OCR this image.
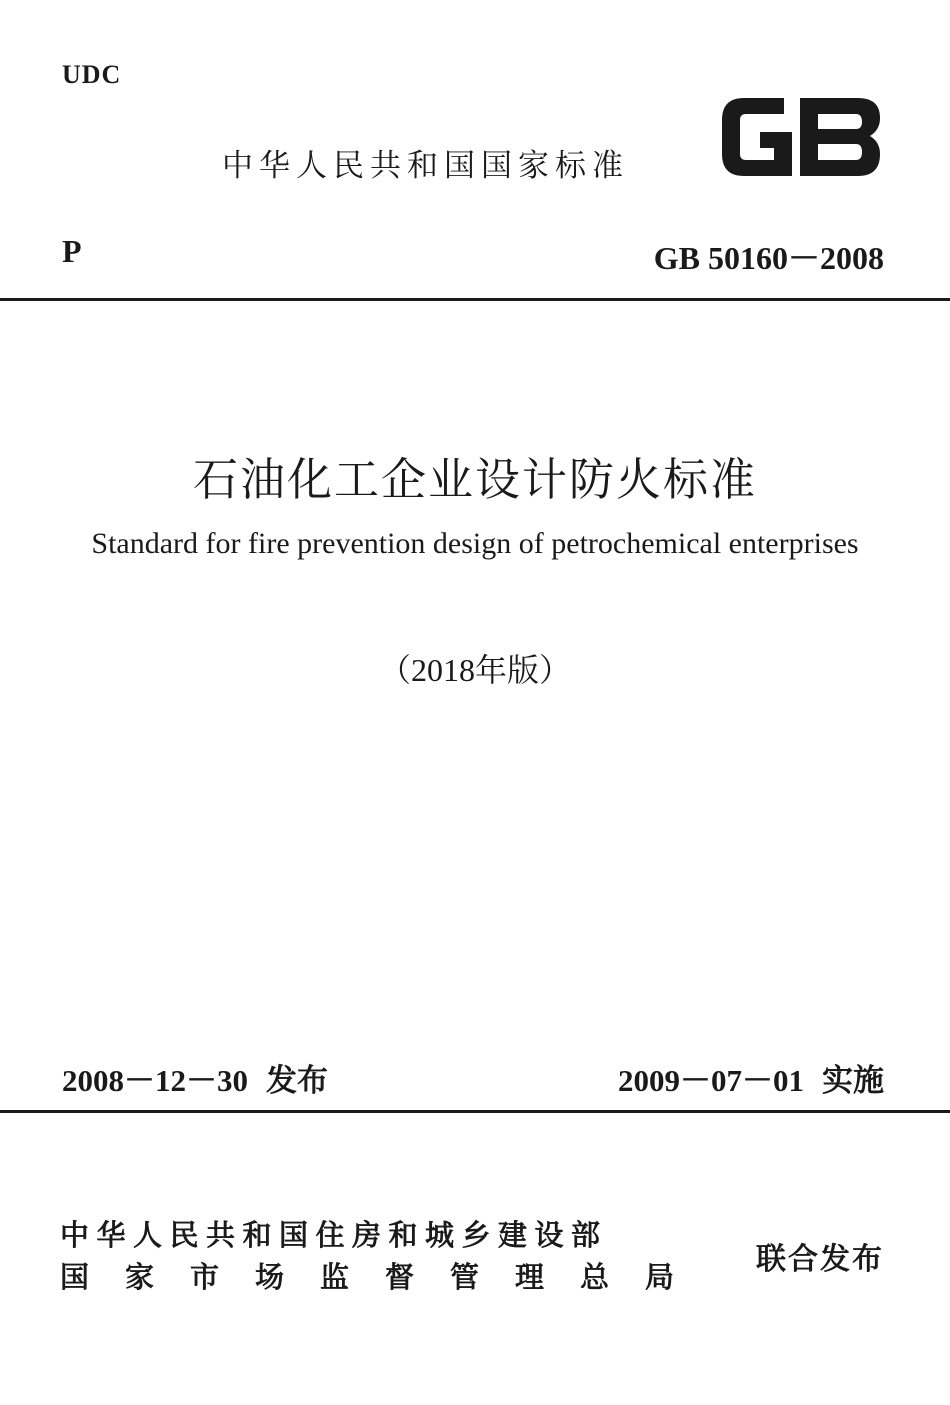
UDC
中华人民共和国国家标准
P	GB 50160－2008
石油化工企业设计防火标准
Standard for fire prevention design of petrochemical enterprises
（2018年版）
2008－12－30 发布	2009－07－01 实施
中华人民共和国住房和城乡建设部
国家市场监督管理总局 联合发布
